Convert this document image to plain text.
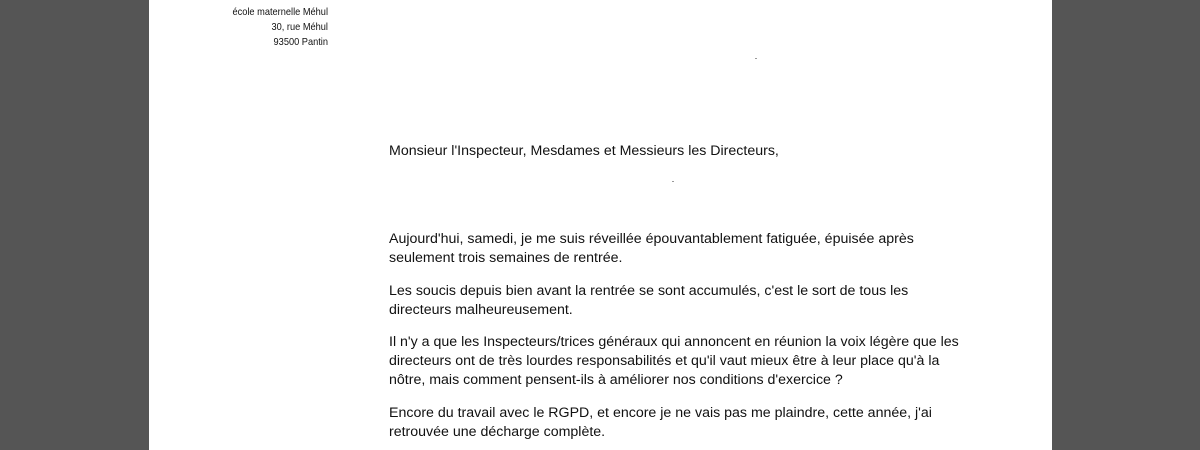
école maternelle Méhul
30, rue Méhul
93500 Pantin
Monsieur l'Inspecteur, Mesdames et Messieurs les Directeurs,
Aujourd'hui, samedi, je me suis réveillée épouvantablement fatiguée, épuisée après
seulement trois semaines de rentrée.
Les soucis depuis bien avant la rentrée se sont accumulés, c'est le sort de tous les
directeurs malheureusement.
Il n'y a que les Inspecteurs/trices généraux qui annoncent en réunion la voix légère que les
directeurs ont de très lourdes responsabilités et qu'il vaut mieux être à leur place qu'à la
nôtre, mais comment pensent-ils à améliorer nos conditions d'exercice ?
Encore du travail avec le RGPD, et encore je ne vais pas me plaindre, cette année, j'ai
retrouvée une décharge complète.
